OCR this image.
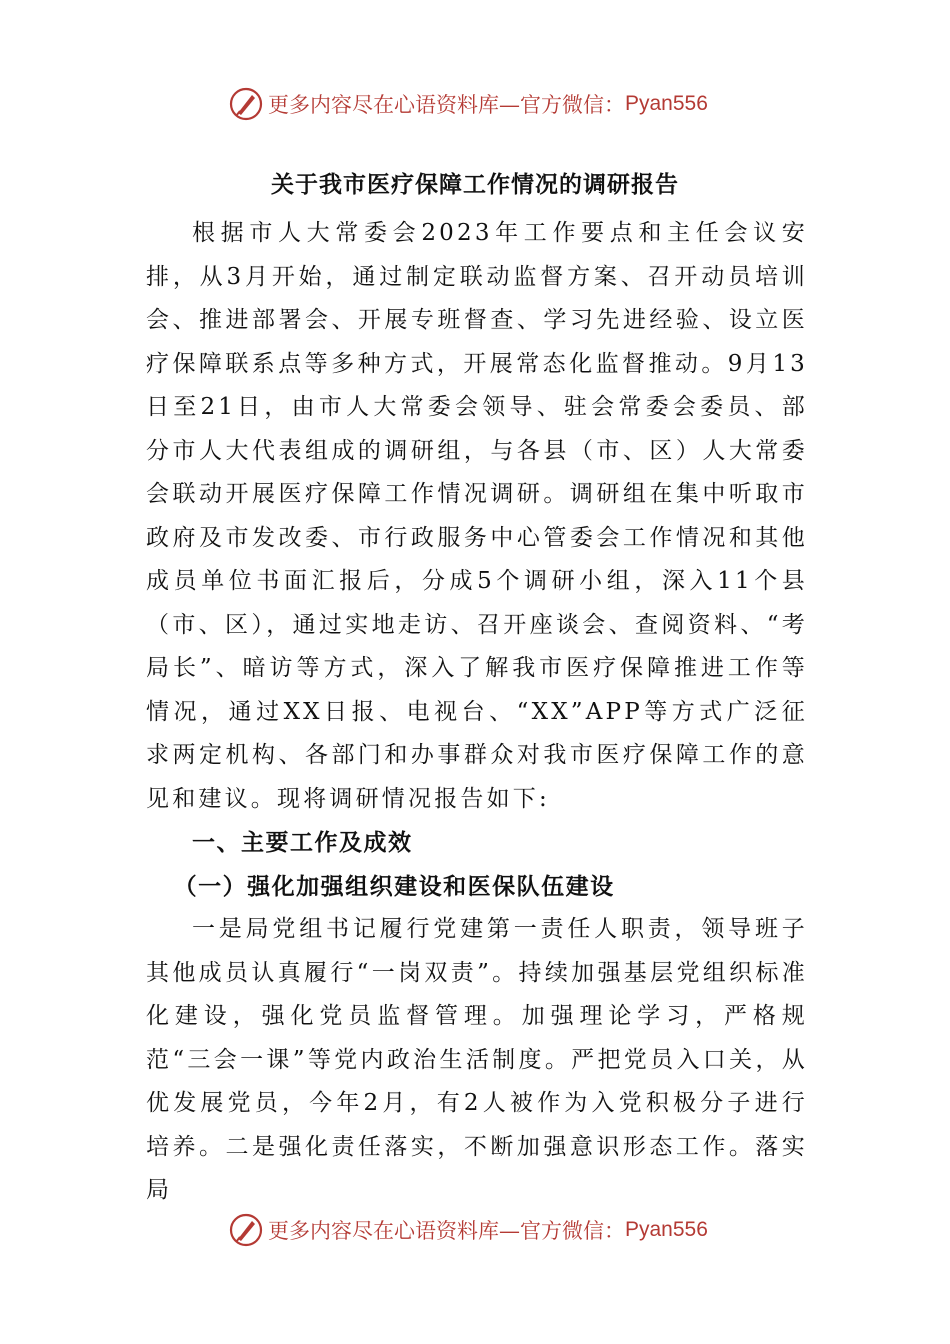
更多内容尽在心语资料库—官方微信： Pyan556
关于我市医疗保障工作情况的调研报告

根据市人大常委会2023年工作要点和主任会议安排，从3月开始，通过制定联动监督方案、召开动员培训会、推进部署会、开展专班督查、学习先进经验、设立医疗保障联系点等多种方式，开展常态化监督推动。9月13日至21日，由市人大常委会领导、驻会常委会委员、部分市人大代表组成的调研组，与各县（市、区）人大常委会联动开展医疗保障工作情况调研。调研组在集中听取市政府及市发改委、市行政服务中心管委会工作情况和其他成员单位书面汇报后，分成5个调研小组，深入11个县（市、区），通过实地走访、召开座谈会、查阅资料、“考局长”、暗访等方式，深入了解我市医疗保障推进工作等情况，通过XX日报、电视台、“XX”APP等方式广泛征求两定机构、各部门和办事群众对我市医疗保障工作的意见和建议。现将调研情况报告如下:

一、主要工作及成效
（一）强化加强组织建设和医保队伍建设

一是局党组书记履行党建第一责任人职责，领导班子其他成员认真履行“一岗双责”。持续加强基层党组织标准化建设，强化党员监督管理。加强理论学习，严格规范“三会一课”等党内政治生活制度。严把党员入口关，从优发展党员，今年2月，有2人被作为入党积极分子进行培养。二是强化责任落实，不断加强意识形态工作。落实局

更多内容尽在心语资料库—官方微信： Pyan556
